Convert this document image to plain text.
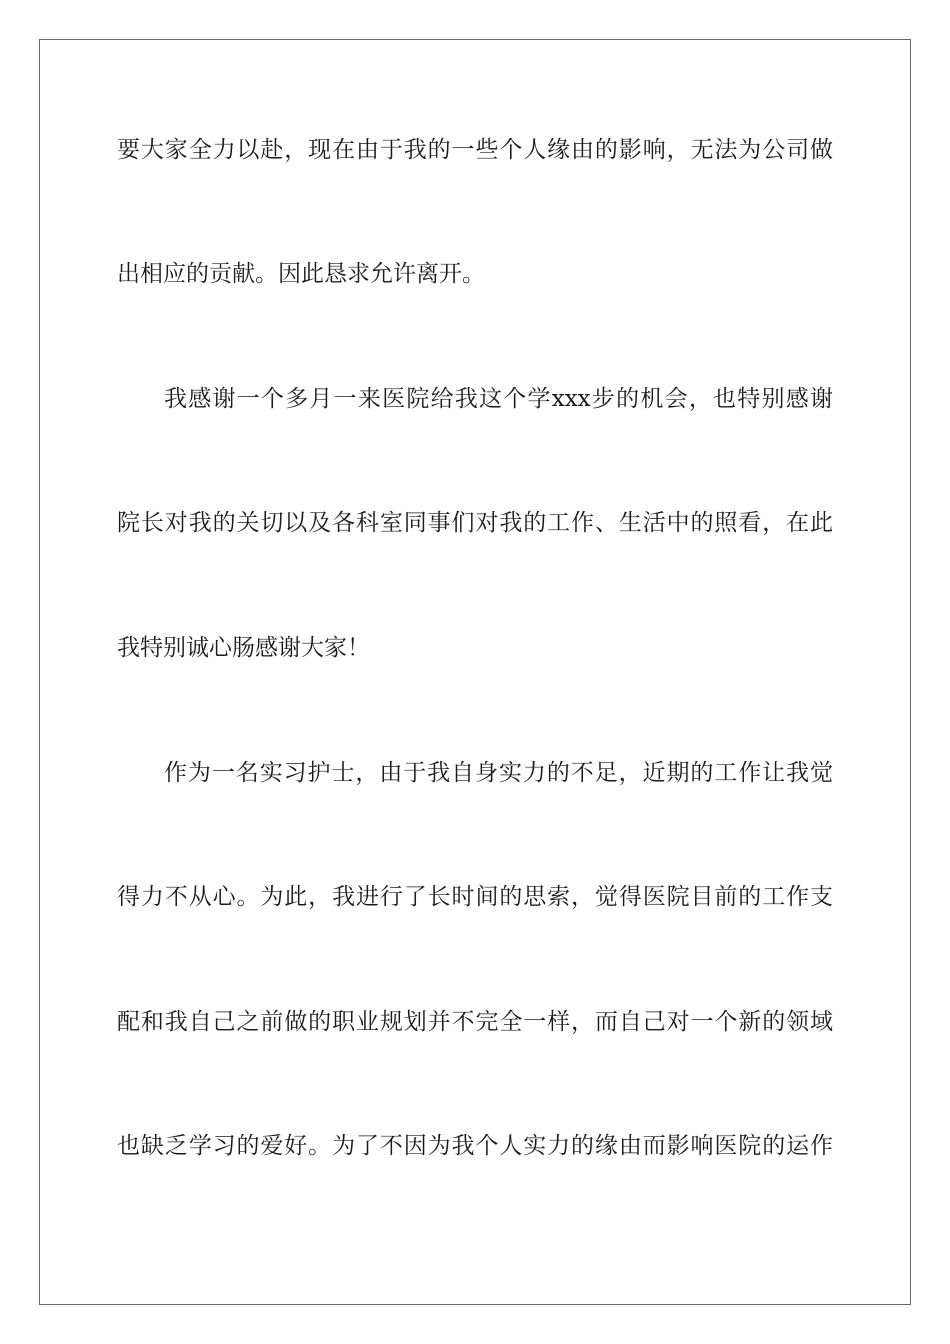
要大家全力以赴，现在由于我的一些个人缘由的影响，无法为公司做
出相应的贡献。因此恳求允许离开。
我感谢一个多月一来医院给我这个学xxx步的机会，也特别感谢
院长对我的关切以及各科室同事们对我的工作、生活中的照看，在此
我特别诚心肠感谢大家！
作为一名实习护士，由于我自身实力的不足，近期的工作让我觉
得力不从心。为此，我进行了长时间的思索，觉得医院目前的工作支
配和我自己之前做的职业规划并不完全一样，而自己对一个新的领域
也缺乏学习的爱好。为了不因为我个人实力的缘由而影响医院的运作
